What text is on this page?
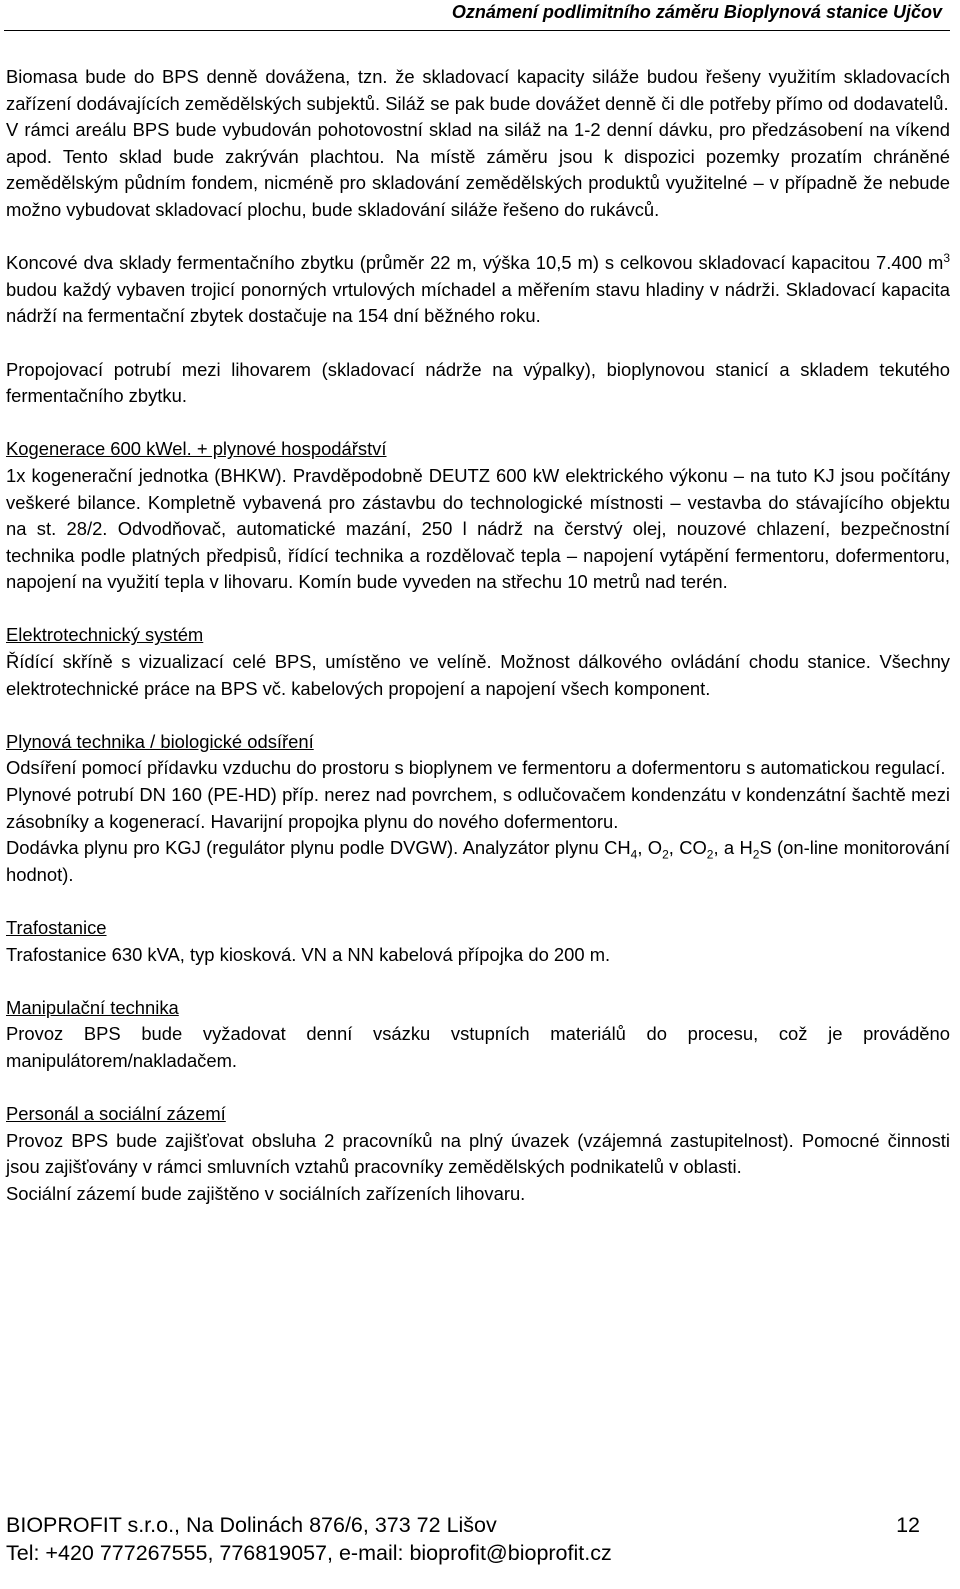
Oznámení podlimitního záměru Bioplynová stanice Ujčov

Biomasa bude do BPS denně dovážena, tzn. že skladovací kapacity siláže budou řešeny využitím skladovacích zařízení dodávajících zemědělských subjektů. Siláž se pak bude dovážet denně či dle potřeby přímo od dodavatelů.

V rámci areálu BPS bude vybudován pohotovostní sklad na siláž na 1-2 denní dávku, pro předzásobení na víkend apod. Tento sklad bude zakrýván plachtou. Na místě záměru jsou k dispozici pozemky prozatím chráněné zemědělským půdním fondem, nicméně pro skladování zemědělských produktů využitelné – v případně že nebude možno vybudovat skladovací plochu, bude skladování siláže řešeno do rukávců.

Koncové dva sklady fermentačního zbytku (průměr 22 m, výška 10,5 m) s celkovou skladovací kapacitou 7.400 $m^3$ budou každý vybaven trojicí ponorných vrtulových míchadel a měřením stavu hladiny v nádrži. Skladovací kapacita nádrží na fermentační zbytek dostačuje na 154 dní běžného roku.

Propojovací potrubí mezi lihovarem (skladovací nádrže na výpalky), bioplynovou stanicí a skladem tekutého fermentačního zbytku.

Kogenerace 600 kWel. + plynové hospodářství

1x kogenerační jednotka (BHKW). Pravděpodobně DEUTZ 600 kW elektrického výkonu – na tuto KJ jsou počítány veškeré bilance. Kompletně vybavená pro zástavbu do technologické místnosti – vestavba do stávajícího objektu na st. 28/2. Odvodňovač, automatické mazání, 250 l nádrž na čerstvý olej, nouzové chlazení, bezpečnostní technika podle platných předpisů, řídící technika a rozdělovač tepla – napojení vytápění fermentoru, dofermentoru, napojení na využití tepla v lihovaru. Komín bude vyveden na střechu 10 metrů nad terén.

Elektrotechnický systém

Řídící skříně s vizualizací celé BPS, umístěno ve velíně. Možnost dálkového ovládání chodu stanice. Všechny elektrotechnické práce na BPS vč. kabelových propojení a napojení všech komponent.

Plynová technika / biologické odsíření

Odsíření pomocí přídavku vzduchu do prostoru s bioplynem ve fermentoru a dofermentoru s automatickou regulací.

Plynové potrubí DN 160 (PE-HD) příp. nerez nad povrchem, s odlučovačem kondenzátu v kondenzátní šachtě mezi zásobníky a kogenerací. Havarijní propojka plynu do nového dofermentoru.

Dodávka plynu pro KGJ (regulátor plynu podle DVGW). Analyzátor plynu $CH_4$, $O_2$, $CO_2$, a $H_2S$ (on-line monitorování hodnot).

Trafostanice

Trafostanice 630 kVA, typ kiosková. VN a NN kabelová přípojka do 200 m.

Manipulační technika

Provoz BPS bude vyžadovat denní vsázku vstupních materiálů do procesu, což je prováděno manipulátorem/nakladačem.

Personál a sociální zázemí

Provoz BPS bude zajišťovat obsluha 2 pracovníků na plný úvazek (vzájemná zastupitelnost). Pomocné činnosti jsou zajišťovány v rámci smluvních vztahů pracovníky zemědělských podnikatelů v oblasti.

Sociální zázemí bude zajištěno v sociálních zařízeních lihovaru.

BIOPROFIT s.r.o., Na Dolinách 876/6, 373 72 Lišov	12
Tel: +420 777267555, 776819057, e-mail: bioprofit@bioprofit.cz
